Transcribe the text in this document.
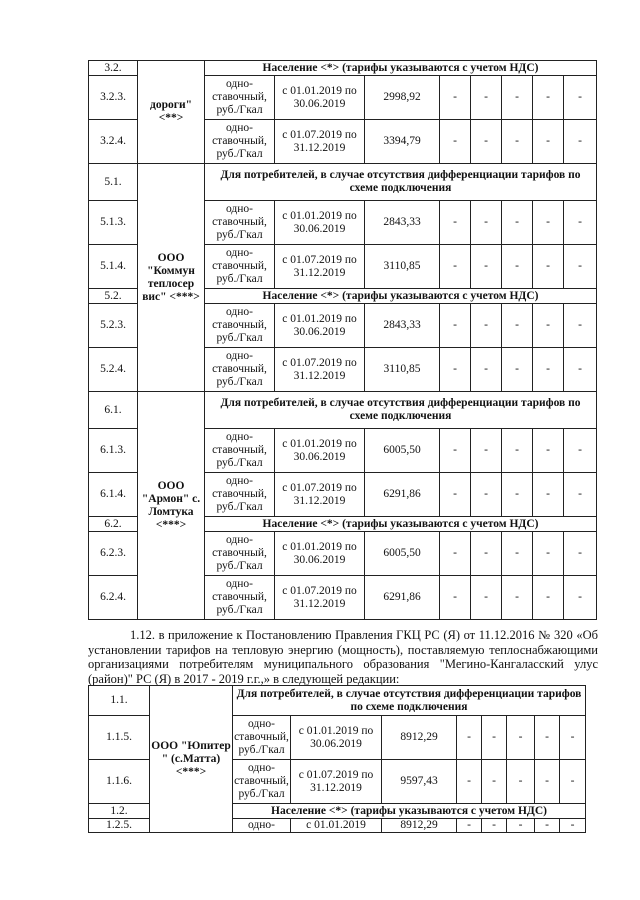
3.2.	дороги" <**>	Население <*> (тарифы указываются с учетом НДС)							
3.2.3.		одно-ставочный, руб./Гкал	с 01.01.2019 по 30.06.2019	2998,92	-	-	-	-	-
3.2.4.		одно-ставочный, руб./Гкал	с 01.07.2019 по 31.12.2019	3394,79	-	-	-	-	-
5.1.	ООО "Коммун теплосер вис" <***>	Для потребителей, в случае отсутствия дифференциации тарифов по схеме подключения							
5.1.3.		одно-ставочный, руб./Гкал	с 01.01.2019 по 30.06.2019	2843,33	-	-	-	-	-
5.1.4.		одно-ставочный, руб./Гкал	с 01.07.2019 по 31.12.2019	3110,85	-	-	-	-	-
5.2.		Население <*> (тарифы указываются с учетом НДС)							
5.2.3.		одно-ставочный, руб./Гкал	с 01.01.2019 по 30.06.2019	2843,33	-	-	-	-	-
5.2.4.		одно-ставочный, руб./Гкал	с 01.07.2019 по 31.12.2019	3110,85	-	-	-	-	-
6.1.	ООО "Армон" с. Ломтука <***>	Для потребителей, в случае отсутствия дифференциации тарифов по схеме подключения							
6.1.3.		одно-ставочный, руб./Гкал	с 01.01.2019 по 30.06.2019	6005,50	-	-	-	-	-
6.1.4.		одно-ставочный, руб./Гкал	с 01.07.2019 по 31.12.2019	6291,86	-	-	-	-	-
6.2.		Население <*> (тарифы указываются с учетом НДС)							
6.2.3.		одно-ставочный, руб./Гкал	с 01.01.2019 по 30.06.2019	6005,50	-	-	-	-	-
6.2.4.		одно-ставочный, руб./Гкал	с 01.07.2019 по 31.12.2019	6291,86	-	-	-	-	-

1.12. в приложение к Постановлению Правления ГКЦ РС (Я) от 11.12.2016 № 320 «Об установлении тарифов на тепловую энергию (мощность), поставляемую теплоснабжающими организациями потребителям муниципального образования "Мегино-Кангаласский улус (район)" РС (Я) в 2017 - 2019 г.г.,» в следующей редакции:

1.1.	ООО "Юпитер " (с.Матта) <***>	Для потребителей, в случае отсутствия дифференциации тарифов по схеме подключения							
1.1.5.		одно-ставочный, руб./Гкал	с 01.01.2019 по 30.06.2019	8912,29	-	-	-	-	-
1.1.6.		одно-ставочный, руб./Гкал	с 01.07.2019 по 31.12.2019	9597,43	-	-	-	-	-
1.2.		Население <*> (тарифы указываются с учетом НДС)							
1.2.5.		одно-	с 01.01.2019	8912,29	-	-	-	-	-
